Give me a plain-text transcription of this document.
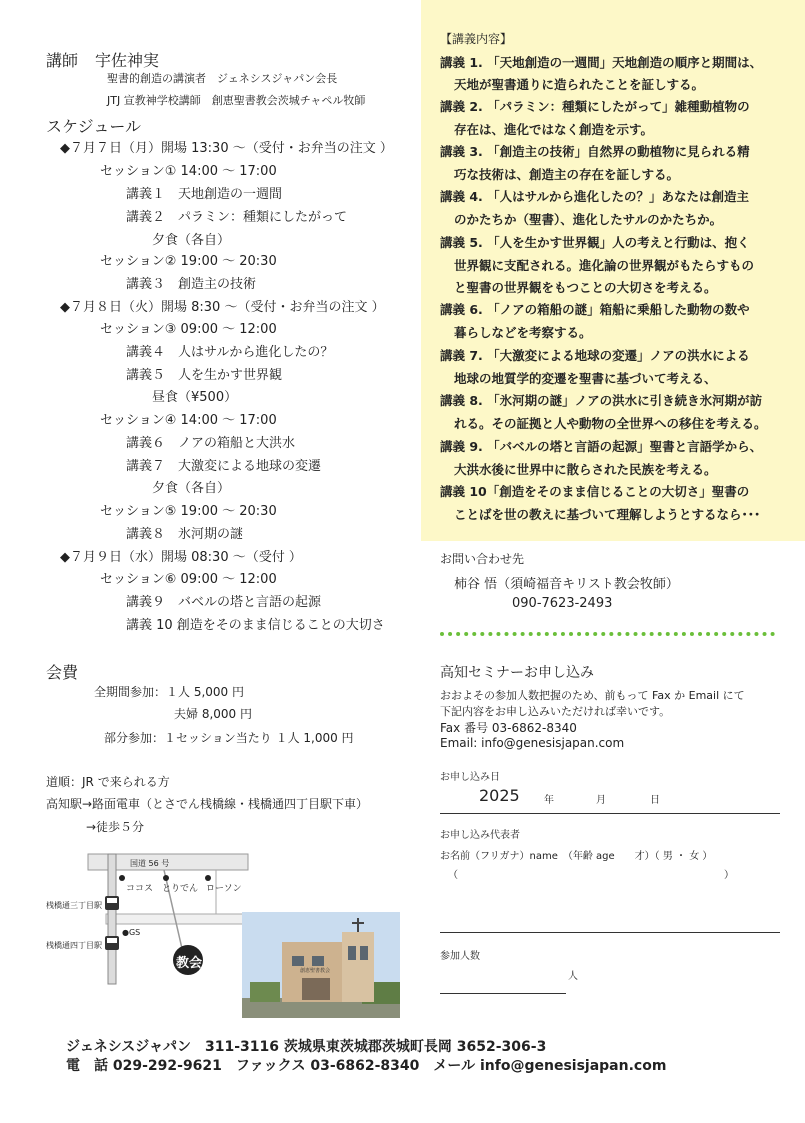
講師 宇佐神実
聖書的創造の講演者　ジェネシスジャパン会長
JTJ 宣教神学校講師　創恵聖書教会茨城チャペル牧師
スケジュール
◆７月７日（月）開場 13:30 ～（受付・お弁当の注文 ）
セッション① 14:00 ～ 17:00
講義１　天地創造の一週間
講義２　パラミン：種類にしたがって
夕食（各自）
セッション② 19:00 ～ 20:30
講義３　創造主の技術
◆７月８日（火）開場 8:30 ～（受付・お弁当の注文 ）
セッション③ 09:00 ～ 12:00
講義４　人はサルから進化したの？
講義５　人を生かす世界観
昼食（¥500）
セッション④ 14:00 ～ 17:00
講義６　ノアの箱船と大洪水
講義７　大激変による地球の変遷
夕食（各自）
セッション⑤ 19:00 ～ 20:30
講義８　氷河期の謎
◆７月９日（水）開場 08:30 ～（受付 ）
セッション⑥ 09:00 ～ 12:00
講義９　バベルの塔と言語の起源
講義 10 創造をそのまま信じることの大切さ
会費
全期間参加：１人 5,000 円
夫婦 8,000 円
部分参加：１セッション当たり １人 1,000 円
道順：JR で来られる方
高知駅→路面電車（とさでん桟橋線・桟橋通四丁目駅下車）
→徒歩５分
国道 56 号
ココス とりでん ローソン
桟橋通三丁目駅
桟橋通四丁目駅
●GS
教会	創恵聖書教会
【講義内容】
講義 1. 「天地創造の一週間」天地創造の順序と期間は、
天地が聖書通りに造られたことを証しする。
講義 2. 「パラミン：種類にしたがって」雑種動植物の
存在は、進化ではなく創造を示す。
講義 3. 「創造主の技術」自然界の動植物に見られる精
巧な技術は、創造主の存在を証しする。
講義 4. 「人はサルから進化したの？」あなたは創造主
のかたちか（聖書）、進化したサルのかたちか。
講義 5. 「人を生かす世界観」人の考えと行動は、抱く
世界観に支配される。進化論の世界観がもたらすもの
と聖書の世界観をもつことの大切さを考える。
講義 6. 「ノアの箱船の謎」箱船に乗船した動物の数や
暮らしなどを考察する。
講義 7. 「大激変による地球の変遷」ノアの洪水による
地球の地質学的変遷を聖書に基づいて考える、
講義 8. 「氷河期の謎」ノアの洪水に引き続き氷河期が訪
れる。その証拠と人や動物の全世界への移住を考える。
講義 9. 「バベルの塔と言語の起源」聖書と言語学から、
大洪水後に世界中に散らされた民族を考える。
講義 10「創造をそのまま信じることの大切さ」聖書の
ことばを世の教えに基づいて理解しようとするなら･･･
お問い合わせ先
柿谷 悟（須崎福音キリスト教会牧師）
090-7623-2493
高知セミナーお申し込み
おおよその参加人数把握のため、前もって Fax か Email にて
下記内容をお申し込みいただければ幸いです。
Fax 番号 03-6862-8340
Email: info@genesisjapan.com
お申し込み日
2025 年	月	日
お申し込み代表者
お名前（フリガナ）name　（年齢 age　　才）（ 男 ・ 女 ）
（	）
参加人数
人
ジェネシスジャパン　311-3116 茨城県東茨城郡茨城町長岡 3652-306-3
電　話 029-292-9621　ファックス 03-6862-8340　メール info@genesisjapan.com
